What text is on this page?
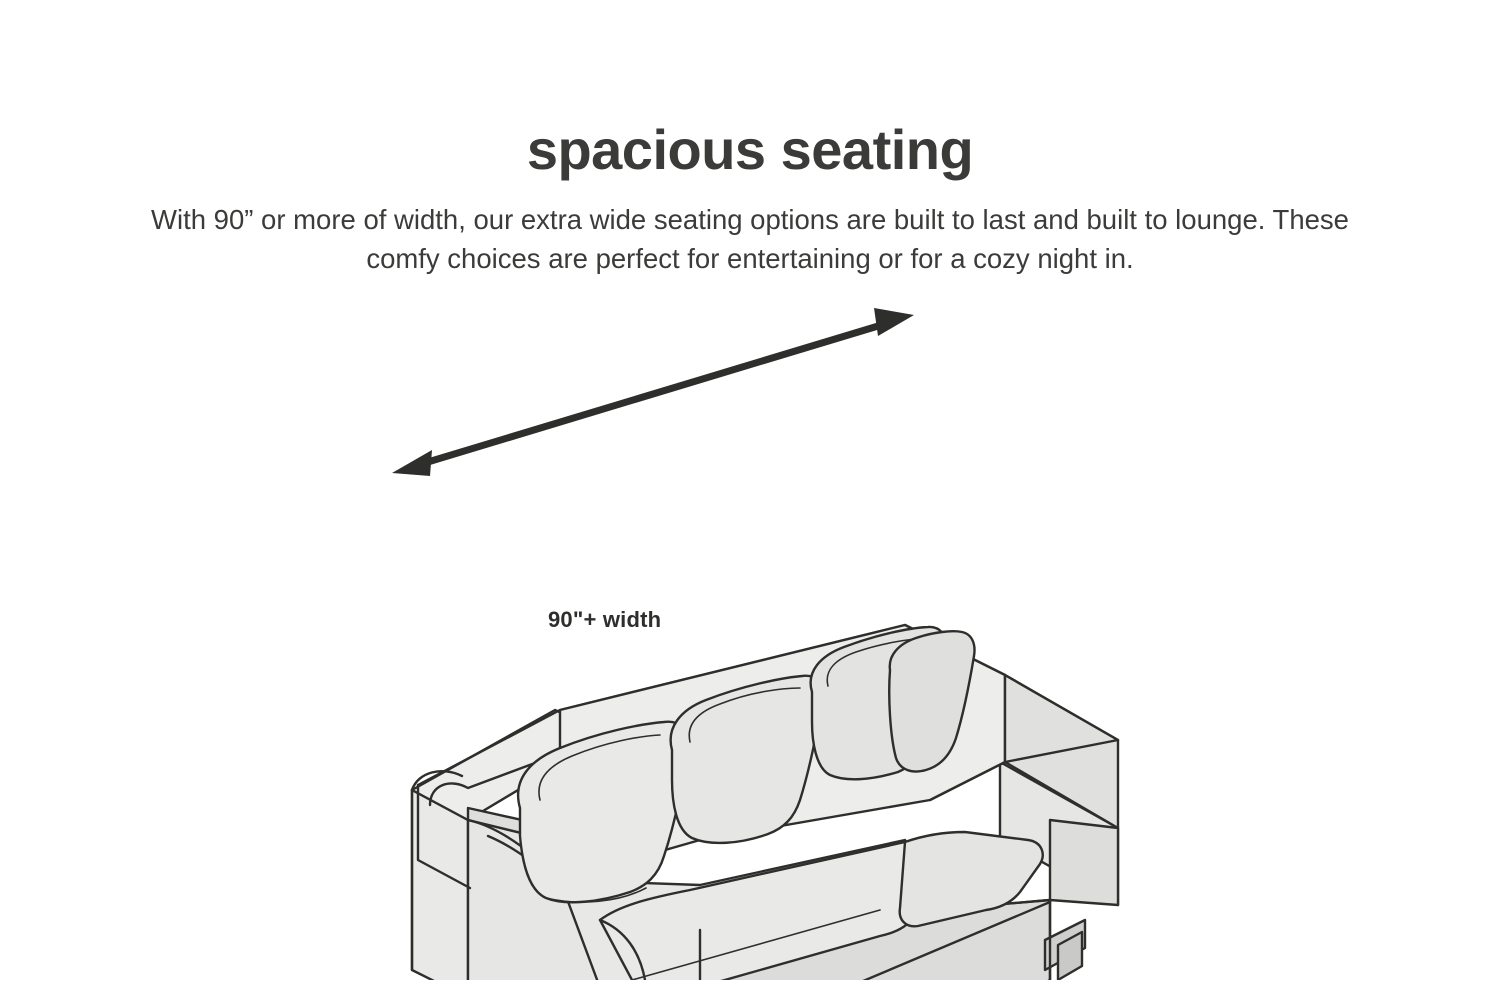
spacious seating

With 90” or more of width, our extra wide seating options are built to last and built to lounge. These comfy choices are perfect for entertaining or for a cozy night in.

90"+ width
